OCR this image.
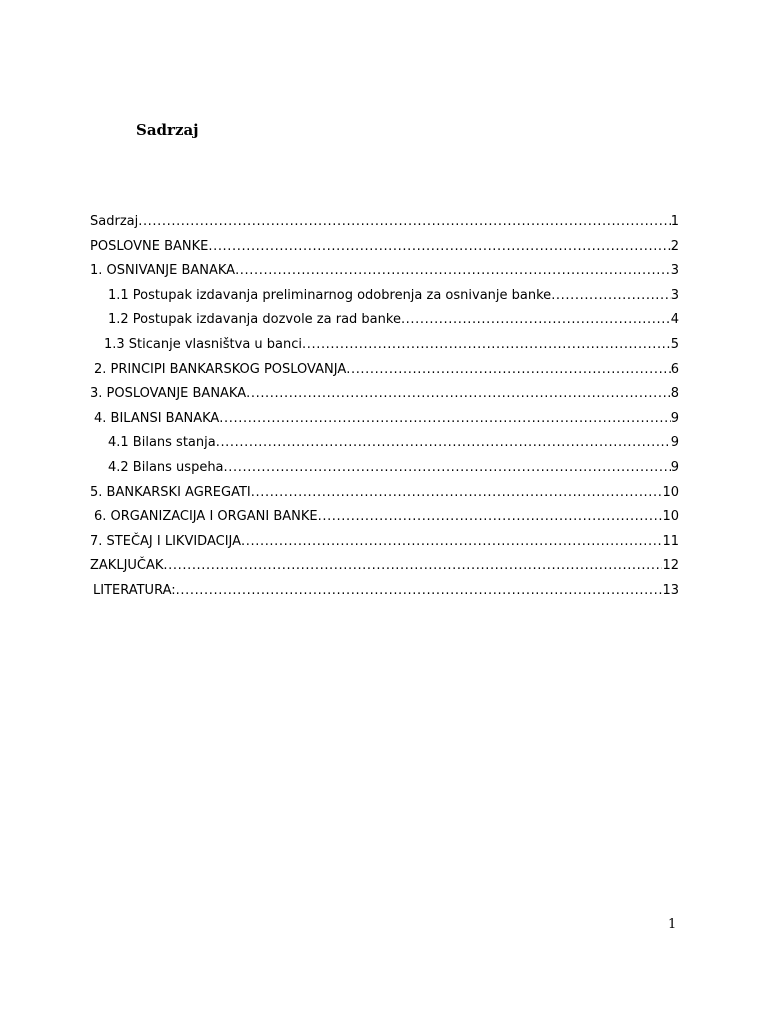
Sadrzaj
Sadrzaj .....	1
POSLOVNE BANKE .....	2
1. OSNIVANJE BANAKA .....	3
1.1 Postupak izdavanja preliminarnog odobrenja za osnivanje banke .....	3
1.2 Postupak izdavanja dozvole za rad banke .....	4
1.3 Sticanje vlasništva u banci .....	5
2. PRINCIPI BANKARSKOG POSLOVANJA .....	6
3. POSLOVANJE BANAKA .....	8
4. BILANSI BANAKA .....	9
4.1 Bilans stanja .....	9
4.2 Bilans uspeha .....	9
5. BANKARSKI AGREGATI .....	10
6. ORGANIZACIJA I ORGANI BANKE .....	10
7. STEČAJ I LIKVIDACIJA .....	11
ZAKLJUČAK .....	12
LITERATURA: .....	13
1
